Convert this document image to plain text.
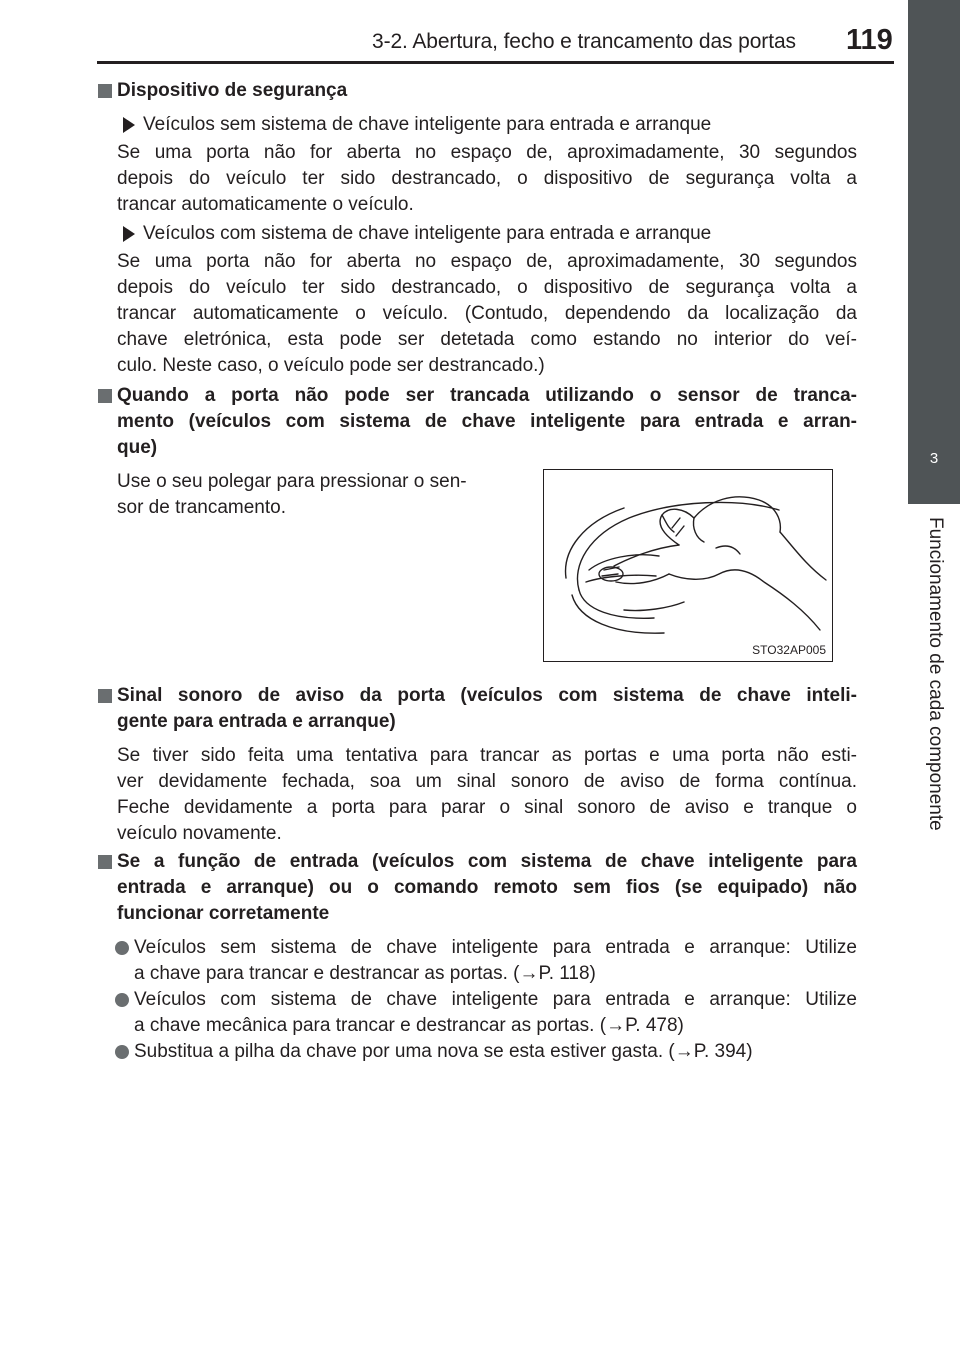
3-2. Abertura, fecho e trancamento das portas 119
3
Funcionamento de cada componente
Dispositivo de segurança
Veículos sem sistema de chave inteligente para entrada e arranque
Se uma porta não for aberta no espaço de, aproximadamente, 30 segundos
depois do veículo ter sido destrancado, o dispositivo de segurança volta a
trancar automaticamente o veículo.
Veículos com sistema de chave inteligente para entrada e arranque
Se uma porta não for aberta no espaço de, aproximadamente, 30 segundos
depois do veículo ter sido destrancado, o dispositivo de segurança volta a
trancar automaticamente o veículo. (Contudo, dependendo da localização da
chave eletrónica, esta pode ser detetada como estando no interior do veí-
culo. Neste caso, o veículo pode ser destrancado.)
Quando a porta não pode ser trancada utilizando o sensor de tranca-
mento (veículos com sistema de chave inteligente para entrada e arran-
que)
Use o seu polegar para pressionar o sen-
sor de trancamento.
STO32AP005
Sinal sonoro de aviso da porta (veículos com sistema de chave inteli-
gente para entrada e arranque)
Se tiver sido feita uma tentativa para trancar as portas e uma porta não esti-
ver devidamente fechada, soa um sinal sonoro de aviso de forma contínua.
Feche devidamente a porta para parar o sinal sonoro de aviso e tranque o
veículo novamente.
Se a função de entrada (veículos com sistema de chave inteligente para
entrada e arranque) ou o comando remoto sem fios (se equipado) não
funcionar corretamente
Veículos sem sistema de chave inteligente para entrada e arranque: Utilize
a chave para trancar e destrancar as portas. (→P. 118)
Veículos com sistema de chave inteligente para entrada e arranque: Utilize
a chave mecânica para trancar e destrancar as portas. (→P. 478)
Substitua a pilha da chave por uma nova se esta estiver gasta. (→P. 394)
